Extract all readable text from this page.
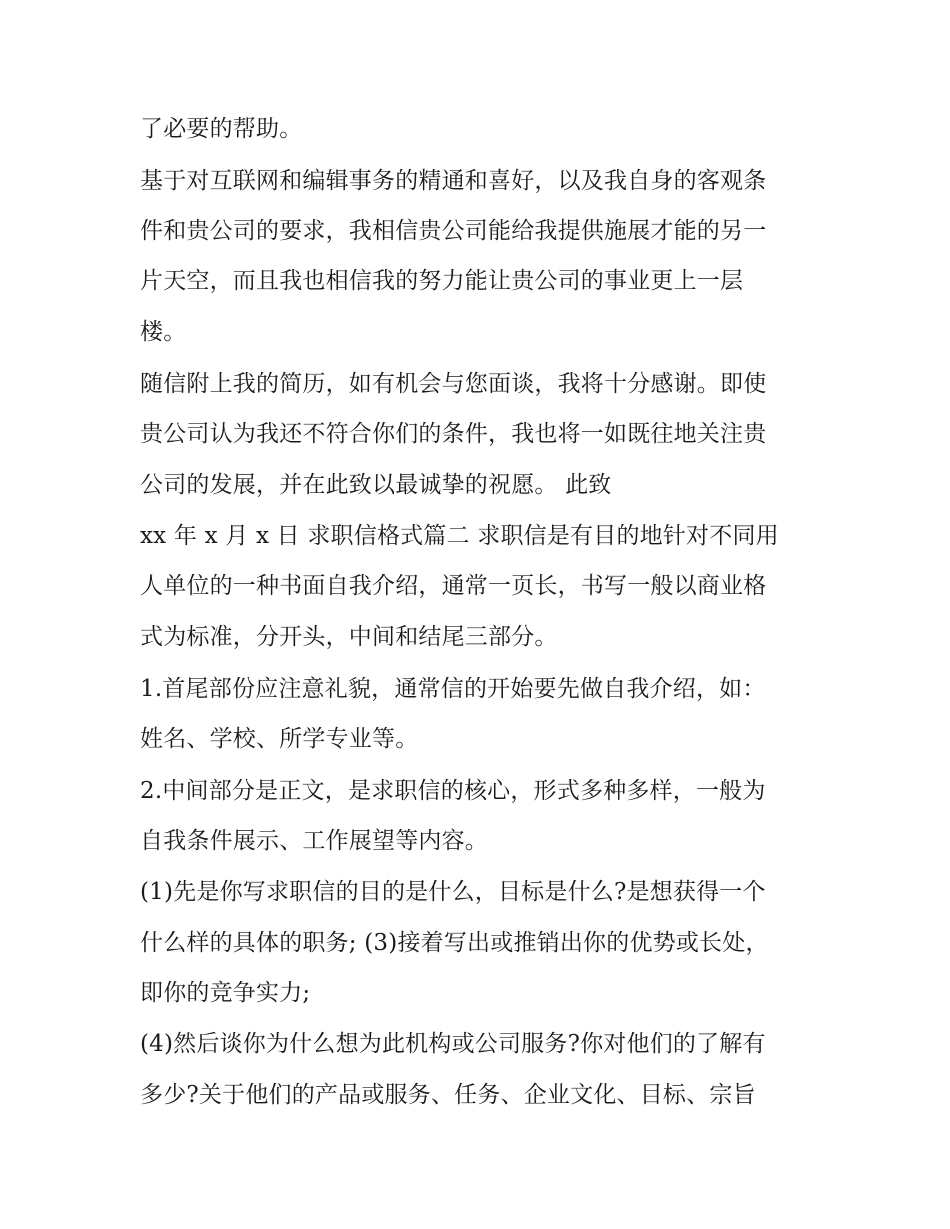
了必要的帮助。
基于对互联网和编辑事务的精通和喜好，以及我自身的客观条
件和贵公司的要求，我相信贵公司能给我提供施展才能的另一
片天空，而且我也相信我的努力能让贵公司的事业更上一层
楼。
随信附上我的简历，如有机会与您面谈，我将十分感谢。即使
贵公司认为我还不符合你们的条件，我也将一如既往地关注贵
公司的发展，并在此致以最诚挚的祝愿。 此致
xx 年 x 月 x 日 求职信格式篇二 求职信是有目的地针对不同用
人单位的一种书面自我介绍，通常一页长，书写一般以商业格
式为标准，分开头，中间和结尾三部分。
1.首尾部份应注意礼貌，通常信的开始要先做自我介绍，如：
姓名、学校、所学专业等。
2.中间部分是正文，是求职信的核心，形式多种多样，一般为
自我条件展示、工作展望等内容。
(1)先是你写求职信的目的是什么，目标是什么?是想获得一个
什么样的具体的职务; (3)接着写出或推销出你的优势或长处，
即你的竞争实力;
(4)然后谈你为什么想为此机构或公司服务?你对他们的了解有
多少?关于他们的产品或服务、任务、企业文化、目标、宗旨
